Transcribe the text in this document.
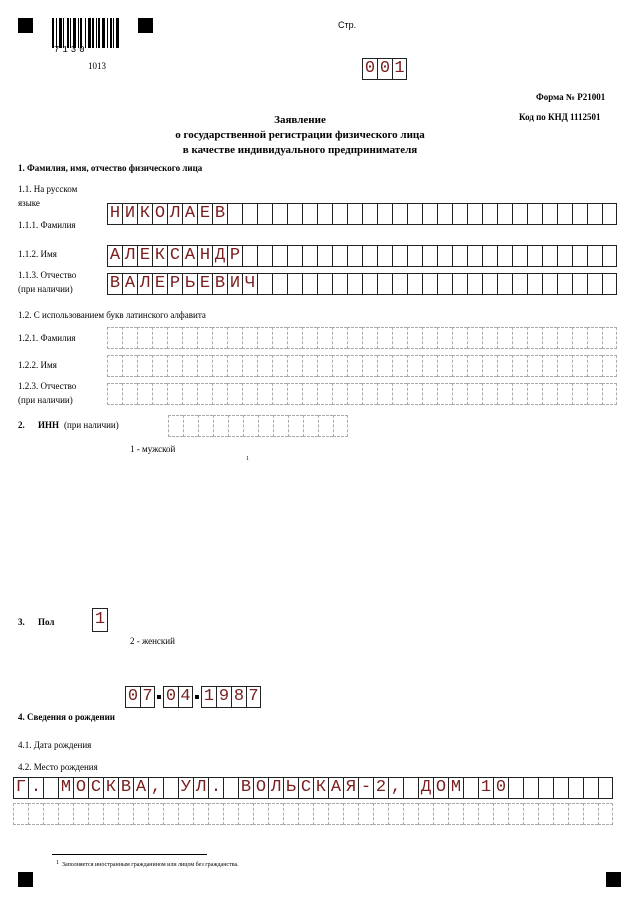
7130
1013
Стр.
0 0 1
Форма № Р21001
Код по КНД 1112501
Заявление
о государственной регистрации физического лица
в качестве индивидуального предпринимателя
1. Фамилия, имя, отчество физического лица
1.1. На русском
языке
1.1.1. Фамилия
Н И К О Л А Е В
1.1.2. Имя	А Л Е К С А Н Д Р
1.1.3. Отчество
(при наличии) В А Л Е Р Ь Е В И Ч
1.2. С использованием букв латинского алфавита
1.2.1. Фамилия
1.2.2. Имя
1.2.3. Отчество
(при наличии)
2. ИНН (при наличии)
1
1 - мужской
3. Пол 1
2 - женский
0 7 0 4 1 9 8 7
4. Сведения о рождении
4.1. Дата рождения
4.2. Место рождения
Г . М О С К В А , У Л . В О Л Ь С К А Я - 2 , Д О М 1 0
1 Заполняется иностранным гражданином или лицом без гражданства.
